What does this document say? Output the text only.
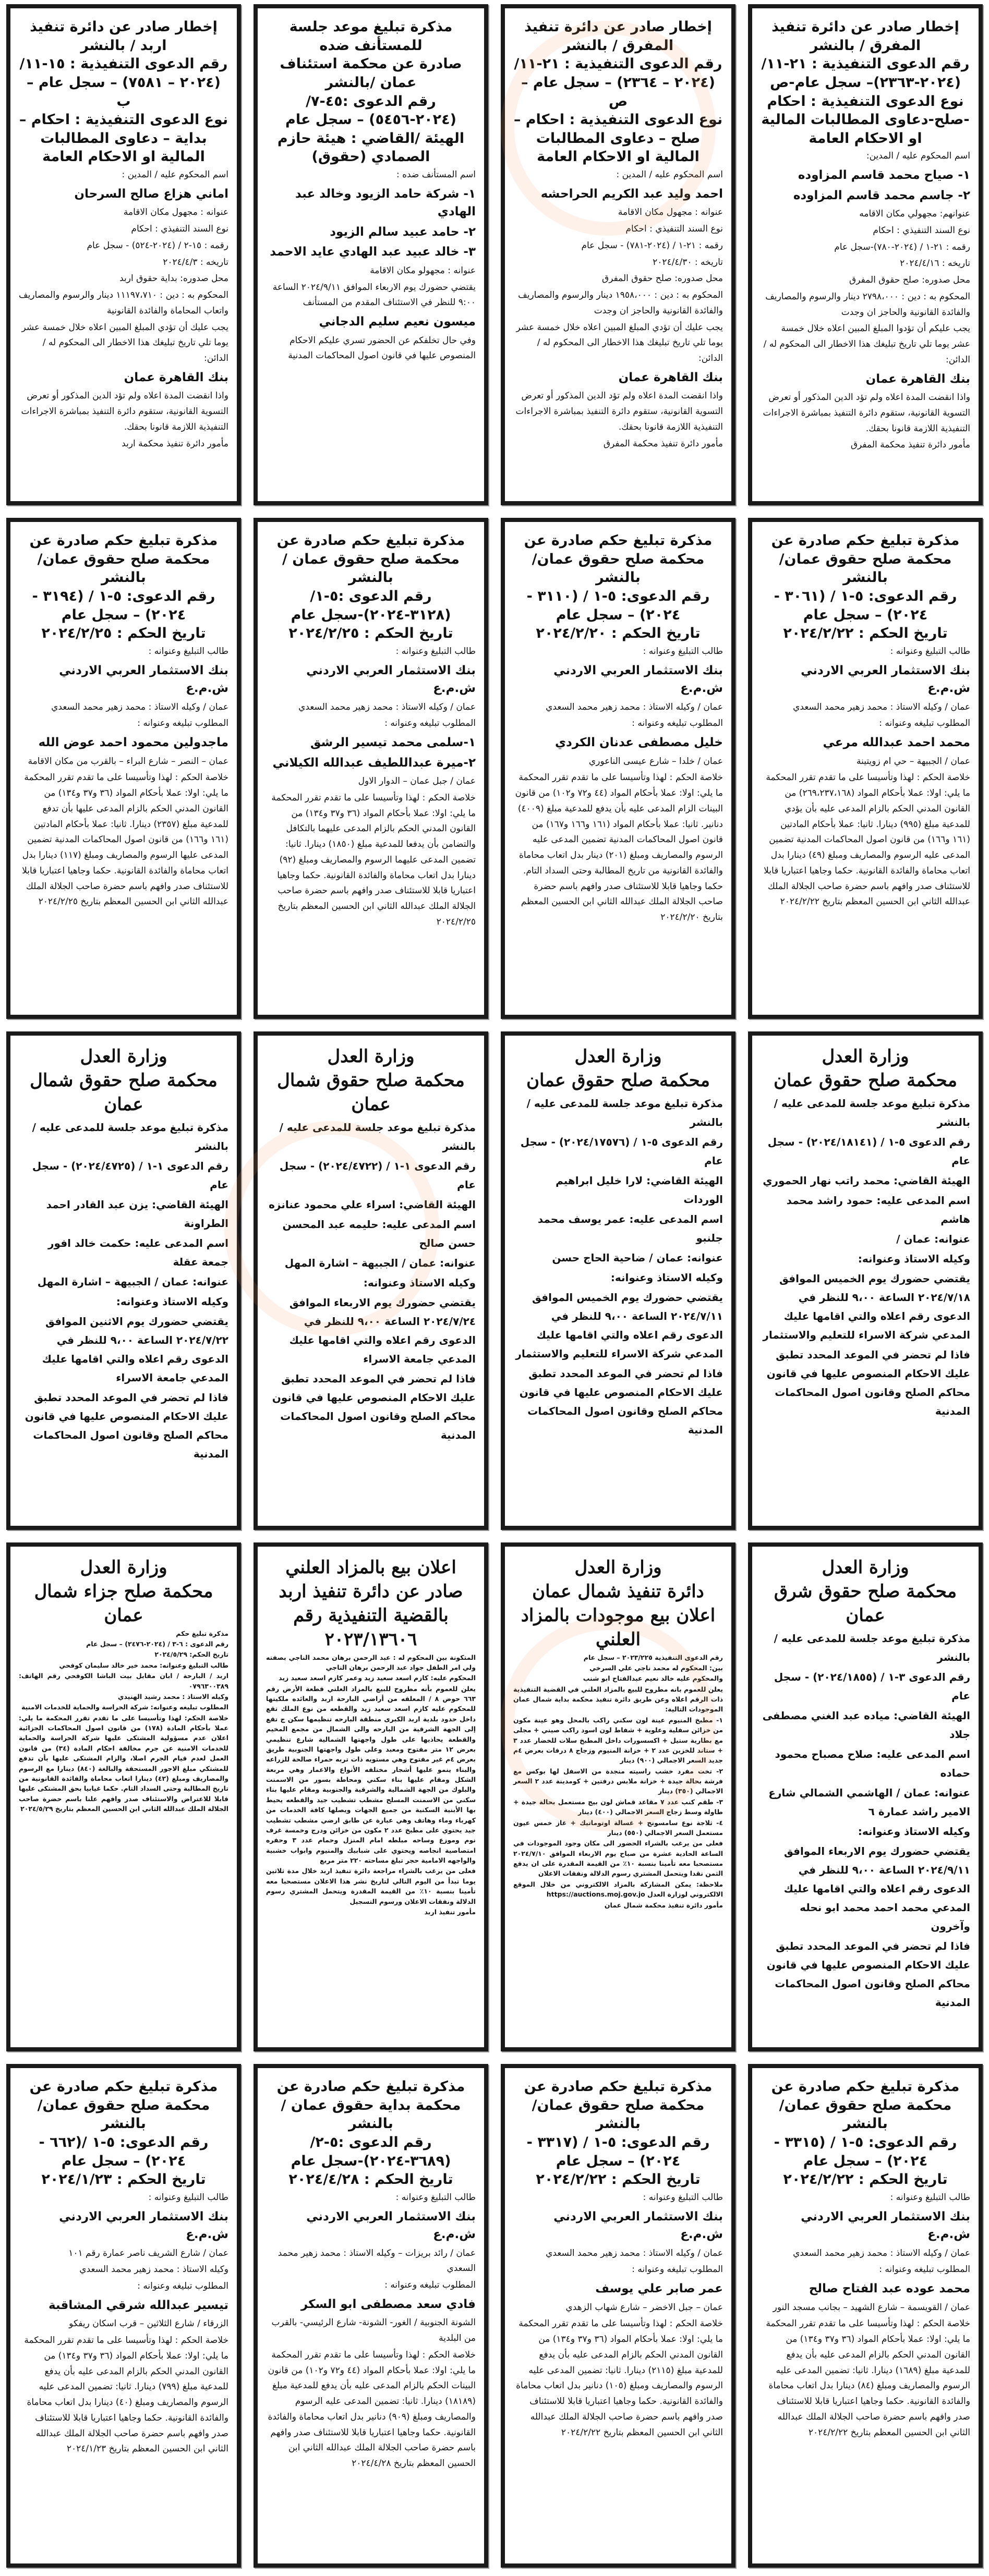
إخطار صادر عن دائرة تنفيذ المفرق / بالنشر

رقم الدعوى التنفيذية : ٢١-١١/ (٢٠٢٤-٢٣٦٣)– سجل عام-ص

نوع الدعوى التنفيذية : احكام -صلح-دعاوى المطالبات المالية او الاحكام العامة

اسم المحكوم عليه / المدين:

١- صياح محمد قاسم المزاوده

٢- جاسم محمد قاسم المزاوده

عنوانهم: مجهولي مكان الاقامه

نوع السند التنفيذي : احكام

رقمه : ٢١-١ / (٢٠٢٤-٧٨٠)-سجل عام

تاريخه : ٢٠٢٤/٤/١٦

محل صدوره: صلح حقوق المفرق

المحكوم به : دين : ٢٧٩٨،٠٠٠ دينار والرسوم والمصاريف والفائدة القانونية والحاجز ان وجدت

يجب عليكم أن تؤدوا المبلغ المبين اعلاه خلال خمسة عشر يوما تلي تاريخ تبليغك هذا الاخطار الى المحكوم له / الدائن:

بنك القاهرة عمان

واذا انقضت المدة اعلاه ولم تؤد الدين المذكور أو تعرض التسوية القانونية، ستقوم دائرة التنفيذ بمباشرة الاجراءات التنفيذية اللازمة قانونا بحقك.

مأمور دائرة تنفيذ محكمة المفرق

إخطار صادر عن دائرة تنفيذ المفرق / بالنشر

رقم الدعوى التنفيذية : ٢١-١١/ (٢٠٢٤ – ٢٣٦٤) – سجل عام – ص

نوع الدعوى التنفيذية : احكام – صلح – دعاوى المطالبات المالية او الاحكام العامة

اسم المحكوم عليه / المدين :

احمد وليد عبد الكريم الحراحشه

عنوانه : مجهول مكان الاقامة

نوع السند التنفيذي : احكام

رقمه : ٢١-١ / (٢٠٢٤-٧٨١) - سجل عام

تاريخه : ٢٠٢٤/٤/٣٠

محل صدوره: صلح حقوق المفرق

المحكوم به : دين : ١٩٥٨،٠٠٠ دينار والرسوم والمصاريف والفائدة القانونية والحاجز ان وجدت

يجب عليك أن تؤدي المبلغ المبين اعلاه خلال خمسة عشر يوما تلي تاريخ تبليغك هذا الاخطار الى المحكوم له / الدائن:

بنك القاهرة عمان

واذا انقضت المدة اعلاه ولم تؤد الدين المذكور أو تعرض التسوية القانونية، ستقوم دائرة التنفيذ بمباشرة الاجراءات التنفيذية اللازمة قانونا بحقك.

مأمور دائرة تنفيذ محكمة المفرق

مذكرة تبليغ موعد جلسة للمستأنف ضده

صادرة عن محكمة استئناف عمان /بالنشر

رقم الدعوى :٤٥-٧/ (٢٠٢٤-٥٤٥٦) – سجل عام

الهيئة /القاضي : هيئة حازم الصمادي (حقوق)

اسم المستأنف ضده :

١- شركة حامد الزيود وخالد عبد الهادي

٢- حامد عبيد سالم الزيود

٣- خالد عبيد عبد الهادي عايد الاحمد

عنوانه : مجهولو مكان الاقامة

يقتضي حضورك يوم الاربعاء الموافق ٢٠٢٤/٩/١١ الساعة ٩:٠٠ للنظر في الاستئناف المقدم من المستأنف

ميسون نعيم سليم الدجاني

وفي حال تخلفكم عن الحضور تسري عليكم الاحكام المنصوص عليها في قانون اصول المحاكمات المدنية

إخطار صادر عن دائرة تنفيذ اربد / بالنشر

رقم الدعوى التنفيذية : ١٥-١١/ (٢٠٢٤ – ٧٥٨١) – سجل عام – ب

نوع الدعوى التنفيذية : احكام – بداية – دعاوى المطالبات المالية او الاحكام العامة

اسم المحكوم عليه / المدين :

اماني هزاع صالح السرحان

عنوانه : مجهول مكان الاقامة

نوع السند التنفيذي : احكام

رقمه : ١٥-٢ / (٢٠٢٤-٥٢٤) - سجل عام

تاريخه : ٢٠٢٤/٤/٣

محل صدوره: بداية حقوق اربد

المحكوم به : دين : ١١١٩٧،٧١٠ دينار والرسوم والمصاريف واتعاب المحاماة والفائدة القانونية

يجب عليك أن تؤدي المبلغ المبين اعلاه خلال خمسة عشر يوما تلي تاريخ تبليغك هذا الاخطار الى المحكوم له / الدائن:

بنك القاهرة عمان

واذا انقضت المدة اعلاه ولم تؤد الدين المذكور أو تعرض التسوية القانونية، ستقوم دائرة التنفيذ بمباشرة الاجراءات التنفيذية اللازمة قانونا بحقك.

مأمور دائرة تنفيذ محكمة اربد

مذكرة تبليغ حكم صادرة عن محكمة صلح حقوق عمان/بالنشر

رقم الدعوى: ٥-١ / (٣٠٦١ - ٢٠٢٤) – سجل عام

تاريخ الحكم : ٢٠٢٤/٢/٢٢

طالب التبليغ وعنوانه :

بنك الاستثمار العربي الاردني ش.م.ع

عمان / وكيله الاستاذ : محمد زهير محمد السعدي

المطلوب تبليغه وعنوانه :

محمد احمد عبدالله مرعي

عمان / الجبيهة – حي ام زويتينة

خلاصة الحكم : لهذا وتأسيسا على ما تقدم تقرر المحكمة ما يلي: اولا: عملا بأحكام المواد (٢٦٩،٢٣٧،١٦٨) من القانون المدني الحكم بالزام المدعى عليه بأن يؤدي للمدعية مبلغ (٩٩٥) دينارا. ثانيا: عملا بأحكام المادتين (١٦١ و١٦٦) من قانون اصول المحاكمات المدنية تضمين المدعى عليه الرسوم والمصاريف ومبلغ (٤٩) دينارا بدل اتعاب محاماة والفائدة القانونية. حكما وجاهيا اعتباريا قابلا للاستئناف صدر وافهم باسم حضرة صاحب الجلالة الملك عبدالله الثاني ابن الحسين المعظم بتاريخ ٢٠٢٤/٢/٢٢

مذكرة تبليغ حكم صادرة عن محكمة صلح حقوق عمان/بالنشر

رقم الدعوى: ٥-١ / (٣١١٠ - ٢٠٢٤) – سجل عام

تاريخ الحكم : ٢٠٢٤/٢/٢٠

طالب التبليغ وعنوانه :

بنك الاستثمار العربي الاردني ش.م.ع

عمان / وكيله الاستاذ : محمد زهير محمد السعدي

المطلوب تبليغه وعنوانه :

خليل مصطفى عدنان الكردي

عمان / خلدا – شارع عيسى الناعوري

خلاصة الحكم : لهذا وتأسيسا على ما تقدم تقرر المحكمة ما يلي: اولا: عملا بأحكام المواد (٤٤ و٧٢ و١٠٢) من قانون البينات الزام المدعى عليه بأن يدفع للمدعية مبلغ (٤٠٠٩) دنانير. ثانيا: عملا بأحكام المواد (١٦١ و١٦٦ و١٦٧) من قانون اصول المحاكمات المدنية تضمين المدعى عليه الرسوم والمصاريف ومبلغ (٢٠١) دينار بدل اتعاب محاماة والفائدة القانونية من تاريخ المطالبة وحتى السداد التام. حكما وجاهيا قابلا للاستئناف صدر وافهم باسم حضرة صاحب الجلالة الملك عبدالله الثاني ابن الحسين المعظم بتاريخ ٢٠٢٤/٢/٢٠

مذكرة تبليغ حكم صادرة عن محكمة صلح حقوق عمان / بالنشر

رقم الدعوى :٥-١/ (٣١٢٨-٢٠٢٤)-سجل عام

تاريخ الحكم : ٢٠٢٤/٢/٢٥

طالب التبليغ وعنوانه :

بنك الاستثمار العربي الاردني ش.م.ع

عمان / وكيله الاستاذ : محمد زهير محمد السعدي

المطلوب تبليغه وعنوانه :

١-سلمى محمد تيسير الرشق

٢-ميرة عبداللطيف عبدالله الكيلاني

عمان / جبل عمان – الدوار الاول

خلاصة الحكم : لهذا وتأسيسا على ما تقدم تقرر المحكمة ما يلي: اولا: عملا بأحكام المواد (٣٦ و٣٧ و١٣٤) من القانون المدني الحكم بالزام المدعى عليهما بالتكافل والتضامن بأن يدفعا للمدعية مبلغ (١٨٥٠) دينارا. ثانيا: تضمين المدعى عليهما الرسوم والمصاريف ومبلغ (٩٢) دينارا بدل اتعاب محاماة والفائدة القانونية. حكما وجاهيا اعتباريا قابلا للاستئناف صدر وافهم باسم حضرة صاحب الجلالة الملك عبدالله الثاني ابن الحسين المعظم بتاريخ ٢٠٢٤/٢/٢٥

مذكرة تبليغ حكم صادرة عن محكمة صلح حقوق عمان/بالنشر

رقم الدعوى: ٥-١ / (٣١٩٤ - ٢٠٢٤) – سجل عام

تاريخ الحكم : ٢٠٢٤/٢/٢٥

طالب التبليغ وعنوانه :

بنك الاستثمار العربي الاردني ش.م.ع

عمان / وكيله الاستاذ : محمد زهير محمد السعدي

المطلوب تبليغه وعنوانه :

ماجدولين محمود احمد عوض الله

عمان – النصر – شارع البراء – بالقرب من مكان الاقامة

خلاصة الحكم : لهذا وتأسيسا على ما تقدم تقرر المحكمة ما يلي: اولا: عملا بأحكام المواد (٣٦ و٣٧ و١٣٤) من القانون المدني الحكم بالزام المدعى عليها بأن تدفع للمدعية مبلغ (٢٣٥٧) دينارا. ثانيا: عملا بأحكام المادتين (١٦١ و١٦٦) من قانون اصول المحاكمات المدنية تضمين المدعى عليها الرسوم والمصاريف ومبلغ (١١٧) دينارا بدل اتعاب محاماة والفائدة القانونية. حكما وجاهيا اعتباريا قابلا للاستئناف صدر وافهم باسم حضرة صاحب الجلالة الملك عبدالله الثاني ابن الحسين المعظم بتاريخ ٢٠٢٤/٢/٢٥

وزارة العدل

محكمة صلح حقوق عمان

مذكرة تبليغ موعد جلسة للمدعى عليه / بالنشر

رقم الدعوى ٥-١ / (٢٠٢٤/١٨١٤١) - سجل عام

الهيئة القاضي: محمد راتب نهار الحموري

اسم المدعى عليه: حمود راشد محمد هاشم

عنوانه: عمان /

وكيله الاستاذ وعنوانه:

يقتضي حضورك يوم الخميس الموافق ٢٠٢٤/٧/١٨ الساعة ٩،٠٠ للنظر في الدعوى رقم اعلاه والتي اقامها عليك المدعي شركة الاسراء للتعليم والاستثمار

فاذا لم تحضر في الموعد المحدد تطبق عليك الاحكام المنصوص عليها في قانون محاكم الصلح وقانون اصول المحاكمات المدنية

وزارة العدل

محكمة صلح حقوق عمان

مذكرة تبليغ موعد جلسة للمدعى عليه / بالنشر

رقم الدعوى ٥-١ / (٢٠٢٤/١٧٥٧٦) - سجل عام

الهيئة القاضي: لارا خليل ابراهيم الوردات

اسم المدعى عليه: عمر يوسف محمد جلنبو

عنوانه: عمان / ضاحية الحاج حسن

وكيله الاستاذ وعنوانه:

يقتضي حضورك يوم الخميس الموافق ٢٠٢٤/٧/١١ الساعة ٩،٠٠ للنظر في الدعوى رقم اعلاه والتي اقامها عليك المدعي شركة الاسراء للتعليم والاستثمار

فاذا لم تحضر في الموعد المحدد تطبق عليك الاحكام المنصوص عليها في قانون محاكم الصلح وقانون اصول المحاكمات المدنية

وزارة العدل

محكمة صلح حقوق شمال عمان

مذكرة تبليغ موعد جلسة للمدعى عليه / بالنشر

رقم الدعوى ١-١ / (٢٠٢٤/٤٧٢٢) - سجل عام

الهيئة القاضي: اسراء علي محمود عنانزه

اسم المدعى عليه: حليمه عبد المحسن حسن صالح

عنوانه: عمان / الجبيهة – اشارة المهل

وكيله الاستاذ وعنوانه:

يقتضي حضورك يوم الاربعاء الموافق ٢٠٢٤/٧/٢٤ الساعة ٩،٠٠ للنظر في الدعوى رقم اعلاه والتي اقامها عليك المدعي جامعة الاسراء

فاذا لم تحضر في الموعد المحدد تطبق عليك الاحكام المنصوص عليها في قانون محاكم الصلح وقانون اصول المحاكمات المدنية

وزارة العدل

محكمة صلح حقوق شمال عمان

مذكرة تبليغ موعد جلسة للمدعى عليه / بالنشر

رقم الدعوى ١-١ / (٢٠٢٤/٤٧٢٥) - سجل عام

الهيئة القاضي: يزن عبد القادر احمد الطراونة

اسم المدعى عليه: حكمت خالد افور جمعة عقلة

عنوانه: عمان / الجبيهة – اشارة المهل

وكيله الاستاذ وعنوانه:

يقتضي حضورك يوم الاثنين الموافق ٢٠٢٤/٧/٢٢ الساعة ٩،٠٠ للنظر في الدعوى رقم اعلاه والتي اقامها عليك المدعي جامعة الاسراء

فاذا لم تحضر في الموعد المحدد تطبق عليك الاحكام المنصوص عليها في قانون محاكم الصلح وقانون اصول المحاكمات المدنية

وزارة العدل

محكمة صلح حقوق شرق عمان

مذكرة تبليغ موعد جلسة للمدعى عليه / بالنشر

رقم الدعوى ٣-١ / (٢٠٢٤/١٨٥٥) - سجل عام

الهيئة القاضي: مياده عبد الغني مصطفى جلاد

اسم المدعى عليه: صلاح مصباح محمود حماده

عنوانه: عمان / الهاشمي الشمالي شارع الامير راشد عمارة ٦

وكيله الاستاذ وعنوانه:

يقتضي حضورك يوم الاربعاء الموافق ٢٠٢٤/٩/١١ الساعة ٩،٠٠ للنظر في الدعوى رقم اعلاه والتي اقامها عليك المدعي محمد احمد محمد ابو نحله وآخرون

فاذا لم تحضر في الموعد المحدد تطبق عليك الاحكام المنصوص عليها في قانون محاكم الصلح وقانون اصول المحاكمات المدنية

وزارة العدل

دائرة تنفيذ شمال عمان

اعلان بيع موجودات بالمزاد العلني

رقم الدعوى التنفيذية ٢٠٢٣/٢٢٥ – سجل عام

بين: المحكوم له محمد ناجي علي السرخي

والمحكوم عليه خالد نعيم عبدالفتاح ابو شنب

يعلن للعموم بانه مطروح للبيع بالمزاد العلني في القضية التنفيذية ذات الرقم اعلاه وعن طريق دائرة تنفيذ محكمة بداية شمال عمان الموجودات التالية:

١- مطبخ المنيوم عينة لون سكني راكب بالمحل وهو عينة مكون من خزائن سفلية وعلوية + شفاط لون اسود راكب صيني + مجلى مع بطارية ستيل + اكسسورات داخل المطبخ سلات للخضار عدد ٣ + ستاند للخزين عدد ٢ + خزانة المنيوم وزجاج ٨ درفات بعرض ٤م جديد السعر الاجمالي (٩٠٠) دينار

٢- تخت مفرد خشب راسيته منجدة من الاسفل لها بوكس مع فرشة بحالة جيدة + خزانة ملابس درفتين + كومدينة عدد ٢ السعر الاجمالي (٣٥٠) دينار

٣- طقم كنب عدد ٧ مقاعد قماش لون بيج مستعمل بحالة جيدة + طاولة وسط زجاج السعر الاجمالي (٤٠٠) دينار

٤- ثلاجة نوع سامسونج + غسالة اوتوماتيك + غاز خمس عيون مستعمل السعر الاجمالي (٥٥٠) دينار

فعلى من يرغب بالشراء الحضور الى مكان وجود الموجودات في الساعة الحادية عشرة من صباح يوم الاربعاء الموافق ٢٠٢٤/٧/١٠ مستصحبا معه تأمينا بنسبة ١٠٪ من القيمة المقدرة على ان يدفع الثمن نقدا ويتحمل المشتري رسوم الدلالة ونفقات الاعلان

ملاحظة: يمكن المشاركة بالمزاد الالكتروني من خلال الموقع الالكتروني لوزارة العدل https://auctions.moj.gov.jo

مأمور دائرة تنفيذ محكمة شمال عمان

اعلان بيع بالمزاد العلني صادر عن دائرة تنفيذ اربد بالقضية التنفيذية رقم

٢٠٢٣/١٣٦٠٦

المتكونة بين المحكوم له : عبد الرحمن برهان محمد الناجي بصفته ولي امر الطفل جواد عبد الرحمن برهان الناجي

المحكوم عليه: كازم اسعد سعيد زيد وعمر كازم اسعد سعيد زيد

يعلن للعموم بأنه مطروح للبيع بالمزاد العلني قطعة الأرض رقم ٦٦٣ حوض ٨ / المعلقه من أراضي البارحة اربد والعائده ملكيتها للمحكوم عليه كازم اسعد سعيد زيد والقطعه من نوع الملك تقع داخل حدود بلدية اربد الكبرى منطقة البارحه تنظيمها سكن ج تقع إلى الجهة الشرقية من البارحه والى الشمال من مجمع المخيم والقطعة يحاذيها على طول واجهتها الشمالية شارع تنظيمي بعرض ١٢ متر مفتوح ومعبد وعلى طول واجهتها الجنوبية طريق بعرض ٤م غير مفتوح وهي مستويه ذات تربه حمراء صالحة للزراعه والبناء ينمو عليها أشجار مختلفه الأنواع والاعمار وهي مربعة الشكل ومقام عليها بناء سكني ومحاطة بسور من الاسمنت والبلوك من الجهة الشمالية والشرقية والجنوبية ومقام عليها بناء سكني من الاسمنت المسلح مشطب تشطيب جيد والقطعه يحيط بها الأبنية السكنية من جميع الجهات ويصلها كافة الخدمات من كهرباء وماء وهاتف وهي عبارة عن طابق ارضي مشطب تشطيب جيد يحتوي على مطبخ عدد ٢ مكون من خزائن ودرج وخمسة غرف نوم وموزع وساحه مبلطه امام المنزل وحمام عدد ٣ وحفره امتصاصية انجاصه ويحتوي على شبابيك والمنيوم وابواب خشبية والواجهه الامامية حجر تبلغ مساحته ٢٢٠ متر مربع

فعلى من يرغب بالشراء مراجعة دائرة تنفيذ اربد خلال مدة ثلاثين يوما تبدأ من اليوم التالي لتاريخ نشر هذا الاعلان مستصحبا معه تأمينا بنسبة ١٠٪ من القيمة المقدرة ويتحمل المشتري رسوم الدلالة ونفقات الاعلان ورسوم التسجيل

مأمور تنفيذ اربد

وزارة العدل

محكمة صلح جزاء شمال عمان

مذكرة تبليغ حكم

رقم الدعوى : ٦-٣ / (٢٠٢٤-٢٤٧٦) – سجل عام

تاريخ الحكم: ٢٠٢٤/٥/٢٩

طالب التبليغ وعنوانه: محمد خير خالد سليمان كوفحي

اربد / البارحة / ابان مقابل بيت الباشا الكوفحي رقم الهاتف: ٠٧٩٦٣٠٠٣٨٩

وكيله الاستاذ : محمد رشيد الهنيدي

المطلوب تبليغه وعنوانه: شركة الحراسة والحماية للخدمات الامنية

خلاصة الحكم: لهذا وتأسيسا على ما تقدم تقرر المحكمة ما يلي: عملا بأحكام المادة (١٧٨) من قانون اصول المحاكمات الجزائية اعلان عدم مسؤولية المشتكى عليها شركة الحراسة والحماية للخدمات الامنية عن جرم مخالفة احكام المادة (٣٤) من قانون العمل لعدم قيام الجرم اصلا، والزام المشتكى عليها بأن تدفع للمشتكي مبلغ الاجور المستحقة والبالغة (٨٤٠) دينارا مع الرسوم والمصاريف ومبلغ (٤٢) دينارا اتعاب محاماة والفائدة القانونية من تاريخ المطالبة وحتى السداد التام. حكما غيابيا بحق المشتكى عليها قابلا للاعتراض والاستئناف صدر وافهم علنا باسم حضرة صاحب الجلالة الملك عبدالله الثاني ابن الحسين المعظم بتاريخ ٢٠٢٤/٥/٢٩

مذكرة تبليغ حكم صادرة عن محكمة صلح حقوق عمان/بالنشر

رقم الدعوى: ٥-١ / (٣٣١٥ - ٢٠٢٤) – سجل عام

تاريخ الحكم : ٢٠٢٤/٢/٢٢

طالب التبليغ وعنوانه :

بنك الاستثمار العربي الاردني ش.م.ع

عمان / وكيله الاستاذ : محمد زهير محمد السعدي

المطلوب تبليغه وعنوانه :

محمد عوده عبد الفتاح صالح

عمان / القويسمة – شارع الشهيد – بجانب مسجد النور

خلاصة الحكم : لهذا وتأسيسا على ما تقدم تقرر المحكمة ما يلي: اولا: عملا بأحكام المواد (٣٦ و٣٧ و١٣٤) من القانون المدني الحكم بالزام المدعى عليه بأن يدفع للمدعية مبلغ (١٦٨٩) دينارا. ثانيا: تضمين المدعى عليه الرسوم والمصاريف ومبلغ (٨٤) دينارا بدل اتعاب محاماة والفائدة القانونية. حكما وجاهيا اعتباريا قابلا للاستئناف صدر وافهم باسم حضرة صاحب الجلالة الملك عبدالله الثاني ابن الحسين المعظم بتاريخ ٢٠٢٤/٢/٢٢

مذكرة تبليغ حكم صادرة عن محكمة صلح حقوق عمان/بالنشر

رقم الدعوى: ٥-١ / (٣٣١٧ - ٢٠٢٤) – سجل عام

تاريخ الحكم : ٢٠٢٤/٢/٢٢

طالب التبليغ وعنوانه :

بنك الاستثمار العربي الاردني ش.م.ع

عمان / وكيله الاستاذ : محمد زهير محمد السعدي

المطلوب تبليغه وعنوانه :

عمر صابر علي يوسف

عمان – جبل الاخضر – شارع شهاب الزهدي

خلاصة الحكم : لهذا وتأسيسا على ما تقدم تقرر المحكمة ما يلي: اولا: عملا بأحكام المواد (٣٦ و٣٧ و١٣٤) من القانون المدني الحكم بالزام المدعى عليه بأن يدفع للمدعية مبلغ (٢١١٥) دينارا. ثانيا: تضمين المدعى عليه الرسوم والمصاريف ومبلغ (١٠٥) دنانير بدل اتعاب محاماة والفائدة القانونية. حكما وجاهيا اعتباريا قابلا للاستئناف صدر وافهم باسم حضرة صاحب الجلالة الملك عبدالله الثاني ابن الحسين المعظم بتاريخ ٢٠٢٤/٢/٢٢

مذكرة تبليغ حكم صادرة عن محكمة بداية حقوق عمان / بالنشر

رقم الدعوى :٥-٢/ (٣٦٨٩-٢٠٢٤)-سجل عام

تاريخ الحكم : ٢٠٢٤/٤/٢٨

طالب التبليغ وعنوانه :

بنك الاستثمار العربي الاردني ش.م.ع

عمان / رائد بريزات – وكيله الاستاذ : محمد زهير محمد السعدي

المطلوب تبليغه وعنوانه :

فادي سعد مصطفى ابو السكر

الشونة الجنوبية / الغور- الشونة- شارع الرئيسي- بالقرب من البلدية

خلاصة الحكم : لهذا وتأسيسا على ما تقدم تقرر المحكمة ما يلي: اولا: عملا بأحكام المواد (٤٤ و٧٢ و١٠٢) من قانون البينات الحكم بالزام المدعى عليه بأن يدفع للمدعية مبلغ (١٨١٨٩) دينارا. ثانيا: تضمين المدعى عليه الرسوم والمصاريف ومبلغ (٩٠٩) دنانير بدل اتعاب محاماة والفائدة القانونية. حكما وجاهيا اعتباريا قابلا للاستئناف صدر وافهم باسم حضرة صاحب الجلالة الملك عبدالله الثاني ابن الحسين المعظم بتاريخ ٢٠٢٤/٤/٢٨

مذكرة تبليغ حكم صادرة عن محكمة صلح حقوق عمان/بالنشر

رقم الدعوى: ٥-١ /(٦٦٢ - ٢٠٢٤) – سجل عام

تاريخ الحكم : ٢٠٢٤/١/٢٣

طالب التبليغ وعنوانه :

بنك الاستثمار العربي الاردني ش.م.ع

عمان / شارع الشريف ناصر عمارة رقم ١٠١

وكيله الاستاذ : محمد زهير محمد السعدي

المطلوب تبليغه وعنوانه :

تيسير عبدالله شرقي المشاقبة

الزرقاء / شارع الثلاثين – قرب اسكان ريفكو

خلاصة الحكم : لهذا وتأسيسا على ما تقدم تقرر المحكمة ما يلي: اولا: عملا بأحكام المواد (٣٦ و٣٧ و١٣٤) من القانون المدني الحكم بالزام المدعى عليه بأن يدفع للمدعية مبلغ (٧٩٩) دينارا. ثانيا: تضمين المدعى عليه الرسوم والمصاريف ومبلغ (٤٠) دينارا بدل اتعاب محاماة والفائدة القانونية. حكما وجاهيا اعتباريا قابلا للاستئناف صدر وافهم باسم حضرة صاحب الجلالة الملك عبدالله الثاني ابن الحسين المعظم بتاريخ ٢٠٢٤/١/٢٣
